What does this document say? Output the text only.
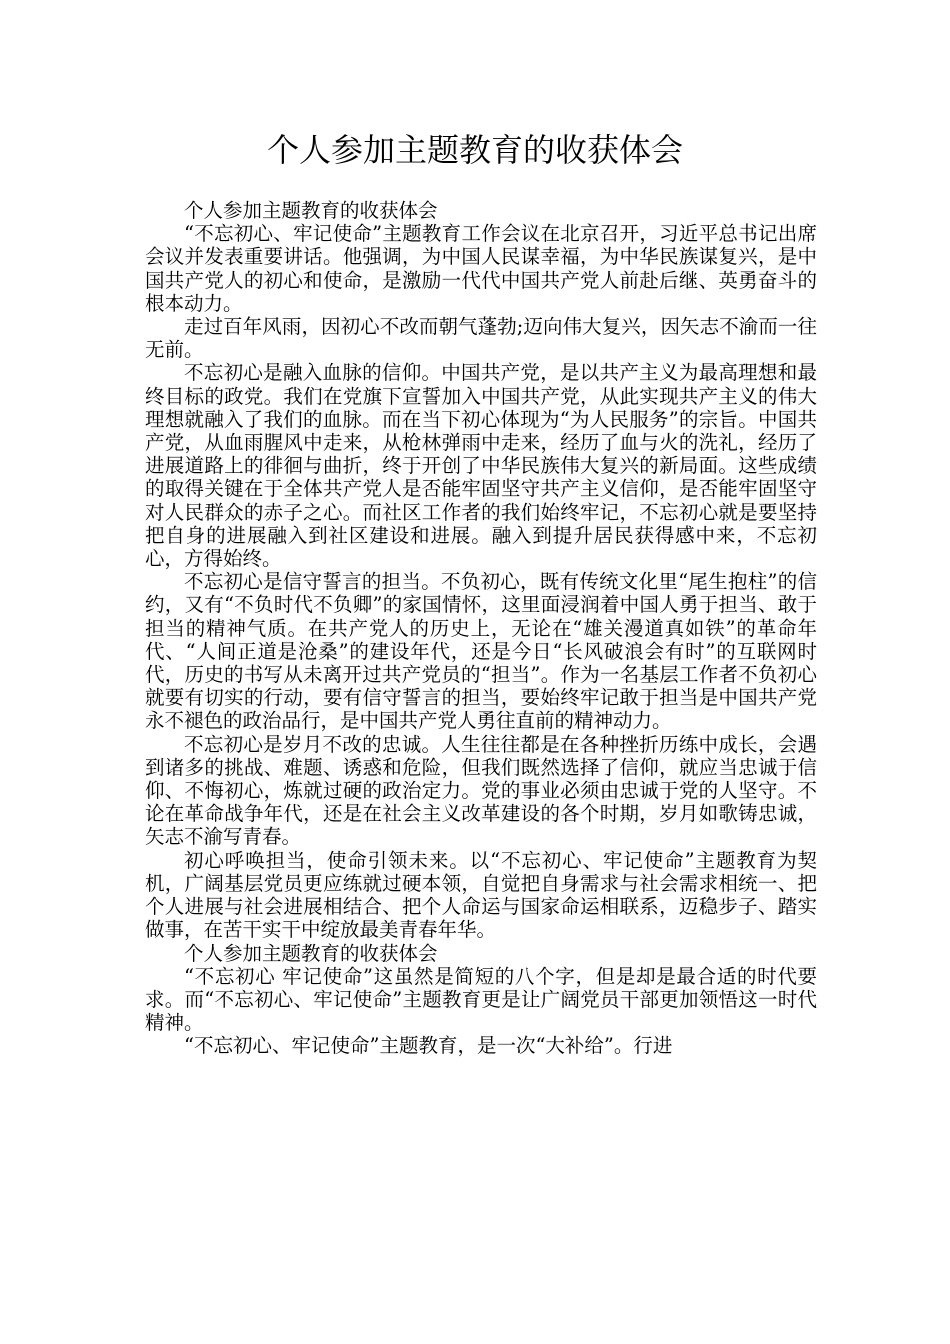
个人参加主题教育的收获体会

个人参加主题教育的收获体会

“不忘初心、牢记使命”主题教育工作会议在北京召开，习近平总书记出席会议并发表重要讲话。他强调，为中国人民谋幸福，为中华民族谋复兴，是中国共产党人的初心和使命，是激励一代代中国共产党人前赴后继、英勇奋斗的根本动力。

走过百年风雨，因初心不改而朝气蓬勃;迈向伟大复兴，因矢志不渝而一往无前。

不忘初心是融入血脉的信仰。中国共产党，是以共产主义为最高理想和最终目标的政党。我们在党旗下宣誓加入中国共产党，从此实现共产主义的伟大理想就融入了我们的血脉。而在当下初心体现为“为人民服务”的宗旨。中国共产党，从血雨腥风中走来，从枪林弹雨中走来，经历了血与火的洗礼，经历了进展道路上的徘徊与曲折，终于开创了中华民族伟大复兴的新局面。这些成绩的取得关键在于全体共产党人是否能牢固坚守共产主义信仰，是否能牢固坚守对人民群众的赤子之心。而社区工作者的我们始终牢记，不忘初心就是要坚持把自身的进展融入到社区建设和进展。融入到提升居民获得感中来，不忘初心，方得始终。

不忘初心是信守誓言的担当。不负初心，既有传统文化里“尾生抱柱”的信约，又有“不负时代不负卿”的家国情怀，这里面浸润着中国人勇于担当、敢于担当的精神气质。在共产党人的历史上，无论在“雄关漫道真如铁”的革命年代、“人间正道是沧桑”的建设年代，还是今日“长风破浪会有时”的互联网时代，历史的书写从未离开过共产党员的“担当”。作为一名基层工作者不负初心就要有切实的行动，要有信守誓言的担当，要始终牢记敢于担当是中国共产党永不褪色的政治品行，是中国共产党人勇往直前的精神动力。

不忘初心是岁月不改的忠诚。人生往往都是在各种挫折历练中成长，会遇到诸多的挑战、难题、诱惑和危险，但我们既然选择了信仰，就应当忠诚于信仰、不悔初心，炼就过硬的政治定力。党的事业必须由忠诚于党的人坚守。不论在革命战争年代，还是在社会主义改革建设的各个时期，岁月如歌铸忠诚，矢志不渝写青春。

初心呼唤担当，使命引领未来。以“不忘初心、牢记使命”主题教育为契机，广阔基层党员更应练就过硬本领，自觉把自身需求与社会需求相统一、把个人进展与社会进展相结合、把个人命运与国家命运相联系，迈稳步子、踏实做事，在苦干实干中绽放最美青春年华。

个人参加主题教育的收获体会

“不忘初心 牢记使命”这虽然是简短的八个字，但是却是最合适的时代要求。而“不忘初心、牢记使命”主题教育更是让广阔党员干部更加领悟这一时代精神。

“不忘初心、牢记使命”主题教育，是一次“大补给”。行进
